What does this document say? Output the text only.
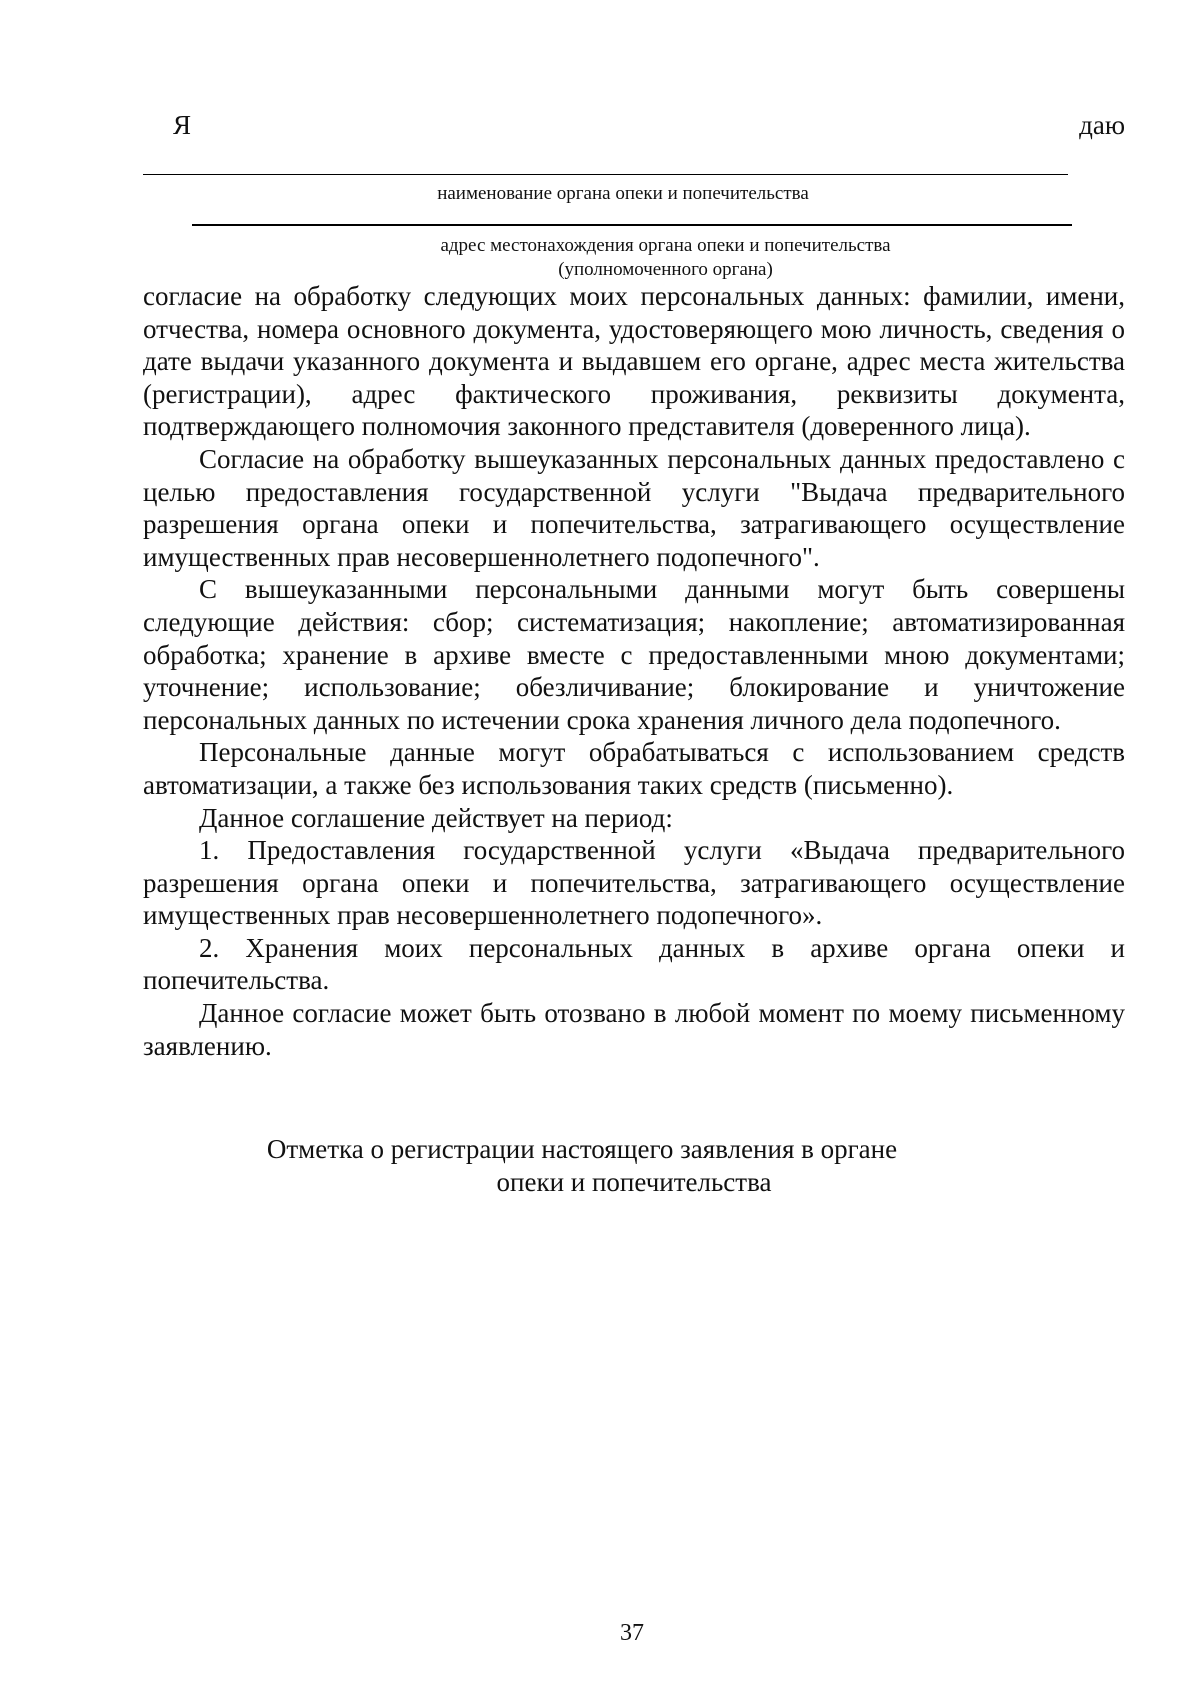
Я	даю
наименование органа опеки и попечительства
адрес местонахождения органа опеки и попечительства
(уполномоченного органа)

согласие на обработку следующих моих персональных данных: фамилии, имени, отчества, номера основного документа, удостоверяющего мою личность, сведения о дате выдачи указанного документа и выдавшем его органе, адрес места жительства (регистрации), адрес фактического проживания, реквизиты документа, подтверждающего полномочия законного представителя (доверенного лица).

Согласие на обработку вышеуказанных персональных данных предоставлено с целью предоставления государственной услуги "Выдача предварительного разрешения органа опеки и попечительства, затрагивающего осуществление имущественных прав несовершеннолетнего подопечного".

С вышеуказанными персональными данными могут быть совершены следующие действия: сбор; систематизация; накопление; автоматизированная обработка; хранение в архиве вместе с предоставленными мною документами; уточнение; использование; обезличивание; блокирование и уничтожение персональных данных по истечении срока хранения личного дела подопечного.

Персональные данные могут обрабатываться с использованием средств автоматизации, а также без использования таких средств (письменно).

Данное соглашение действует на период:

1. Предоставления государственной услуги «Выдача предварительного разрешения органа опеки и попечительства, затрагивающего осуществление имущественных прав несовершеннолетнего подопечного».

2. Хранения моих персональных данных в архиве органа опеки и попечительства.

Данное согласие может быть отозвано в любой момент по моему письменному заявлению.

Отметка о регистрации настоящего заявления в органе
опеки и попечительства
37
